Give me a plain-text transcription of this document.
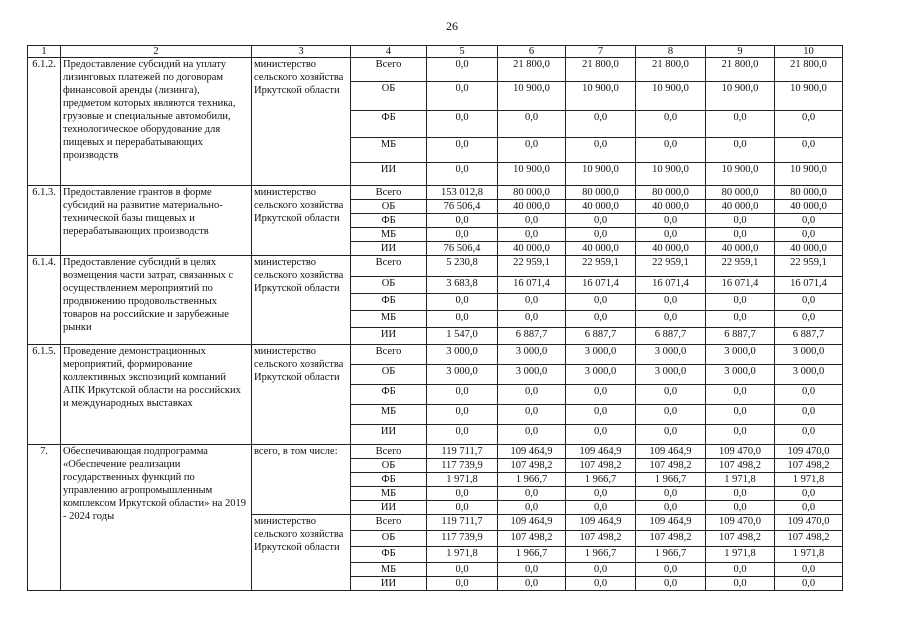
26
1	2	3	4	5	6	7	8	9	10
6.1.2.	Предоставление субсидий на уплату лизинговых платежей по договорам финансовой аренды (лизинга), предметом которых являются техника, грузовые и специальные автомобили, технологическое оборудование для пищевых и перерабатывающих производств	министерство сельского хозяйства Иркутской области	Всего	0,0	21 800,0	21 800,0	21 800,0	21 800,0	21 800,0
			ОБ	0,0	10 900,0	10 900,0	10 900,0	10 900,0	10 900,0
			ФБ	0,0	0,0	0,0	0,0	0,0	0,0
			МБ	0,0	0,0	0,0	0,0	0,0	0,0
			ИИ	0,0	10 900,0	10 900,0	10 900,0	10 900,0	10 900,0
6.1.3.	Предоставление грантов в форме субсидий на развитие материально-технической базы пищевых и перерабатывающих производств	министерство сельского хозяйства Иркутской области	Всего	153 012,8	80 000,0	80 000,0	80 000,0	80 000,0	80 000,0
			ОБ	76 506,4	40 000,0	40 000,0	40 000,0	40 000,0	40 000,0
			ФБ	0,0	0,0	0,0	0,0	0,0	0,0
			МБ	0,0	0,0	0,0	0,0	0,0	0,0
			ИИ	76 506,4	40 000,0	40 000,0	40 000,0	40 000,0	40 000,0
6.1.4.	Предоставление субсидий в целях возмещения части затрат, связанных с осуществлением мероприятий по продвижению продовольственных товаров на российские и зарубежные рынки	министерство сельского хозяйства Иркутской области	Всего	5 230,8	22 959,1	22 959,1	22 959,1	22 959,1	22 959,1
			ОБ	3 683,8	16 071,4	16 071,4	16 071,4	16 071,4	16 071,4
			ФБ	0,0	0,0	0,0	0,0	0,0	0,0
			МБ	0,0	0,0	0,0	0,0	0,0	0,0
			ИИ	1 547,0	6 887,7	6 887,7	6 887,7	6 887,7	6 887,7
6.1.5.	Проведение демонстрационных мероприятий, формирование коллективных экспозиций компаний АПК Иркутской области на российских и международных выставках	министерство сельского хозяйства Иркутской области	Всего	3 000,0	3 000,0	3 000,0	3 000,0	3 000,0	3 000,0
			ОБ	3 000,0	3 000,0	3 000,0	3 000,0	3 000,0	3 000,0
			ФБ	0,0	0,0	0,0	0,0	0,0	0,0
			МБ	0,0	0,0	0,0	0,0	0,0	0,0
			ИИ	0,0	0,0	0,0	0,0	0,0	0,0
7.	Обеспечивающая подпрограмма «Обеспечение реализации государственных функций по управлению агропромышленным комплексом Иркутской области» на 2019 - 2024 годы	всего, в том числе:	Всего	119 711,7	109 464,9	109 464,9	109 464,9	109 470,0	109 470,0
			ОБ	117 739,9	107 498,2	107 498,2	107 498,2	107 498,2	107 498,2
			ФБ	1 971,8	1 966,7	1 966,7	1 966,7	1 971,8	1 971,8
			МБ	0,0	0,0	0,0	0,0	0,0	0,0
			ИИ	0,0	0,0	0,0	0,0	0,0	0,0
		министерство сельского хозяйства Иркутской области	Всего	119 711,7	109 464,9	109 464,9	109 464,9	109 470,0	109 470,0
			ОБ	117 739,9	107 498,2	107 498,2	107 498,2	107 498,2	107 498,2
			ФБ	1 971,8	1 966,7	1 966,7	1 966,7	1 971,8	1 971,8
			МБ	0,0	0,0	0,0	0,0	0,0	0,0
			ИИ	0,0	0,0	0,0	0,0	0,0	0,0
